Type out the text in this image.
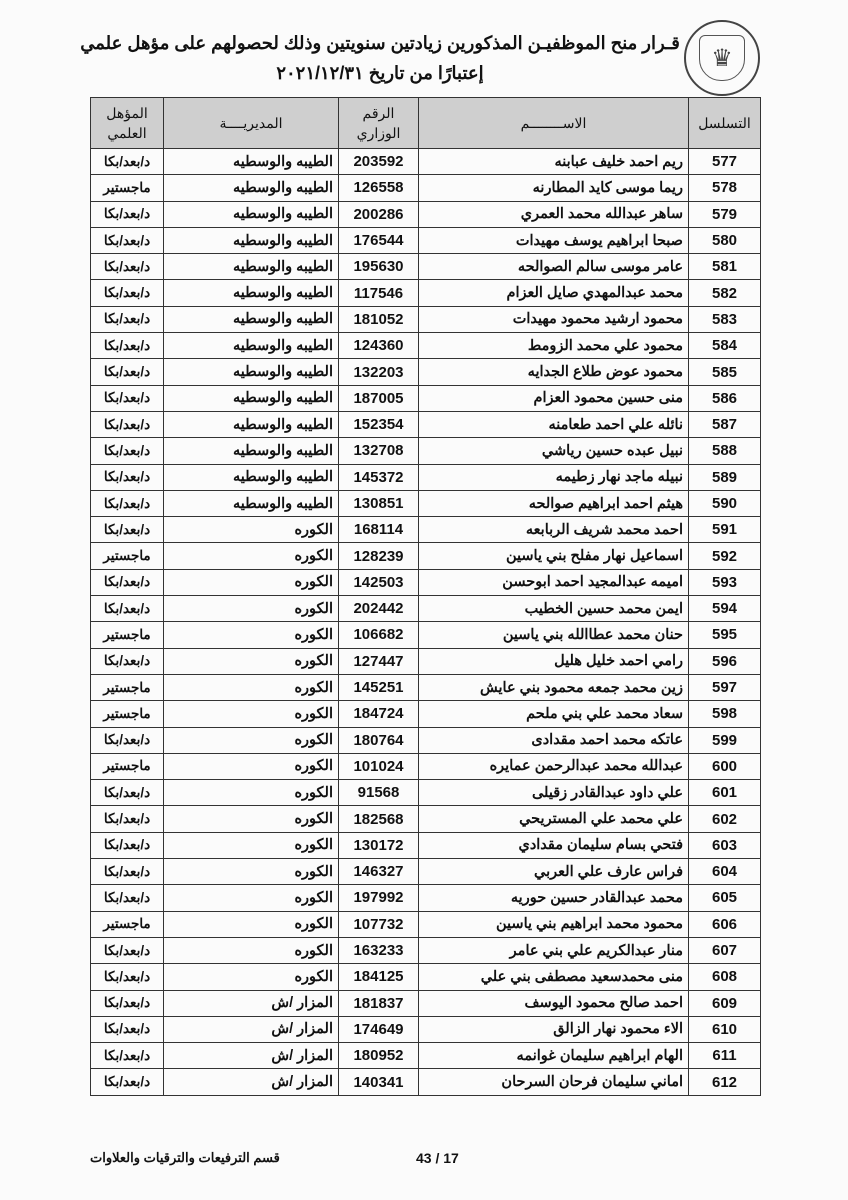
♛
قـرار منح الموظفيـن المذكورين زيادتين سنويتين وذلك لحصولهم على مؤهل علمي
إعتبارًا من تاريخ ٢٠٢١/١٢/٣١
التسلسل	الاســــــــم	الرقم الوزاري	المديريــــة	المؤهل العلمي
577	ريم احمد خليف عبابنه	203592	الطيبه والوسطيه	د/بعد/بكا
578	ريما موسى كايد المطارنه	126558	الطيبه والوسطيه	ماجستير
579	ساهر عبدالله محمد العمري	200286	الطيبه والوسطيه	د/بعد/بكا
580	صبحا ابراهيم يوسف مهيدات	176544	الطيبه والوسطيه	د/بعد/بكا
581	عامر موسى سالم الصوالحه	195630	الطيبه والوسطيه	د/بعد/بكا
582	محمد عبدالمهدي صايل العزام	117546	الطيبه والوسطيه	د/بعد/بكا
583	محمود ارشيد محمود مهيدات	181052	الطيبه والوسطيه	د/بعد/بكا
584	محمود علي محمد الزومط	124360	الطيبه والوسطيه	د/بعد/بكا
585	محمود عوض طلاع الجدايه	132203	الطيبه والوسطيه	د/بعد/بكا
586	منى حسين محمود العزام	187005	الطيبه والوسطيه	د/بعد/بكا
587	نائله علي احمد طعامنه	152354	الطيبه والوسطيه	د/بعد/بكا
588	نبيل عبده حسين رياشي	132708	الطيبه والوسطيه	د/بعد/بكا
589	نبيله ماجد نهار زطيمه	145372	الطيبه والوسطيه	د/بعد/بكا
590	هيثم احمد ابراهيم صوالحه	130851	الطيبه والوسطيه	د/بعد/بكا
591	احمد محمد شريف الربابعه	168114	الكوره	د/بعد/بكا
592	اسماعيل نهار مفلح بني ياسين	128239	الكوره	ماجستير
593	اميمه عبدالمجيد احمد ابوحسن	142503	الكوره	د/بعد/بكا
594	ايمن محمد حسين الخطيب	202442	الكوره	د/بعد/بكا
595	حنان محمد عطاالله بني ياسين	106682	الكوره	ماجستير
596	رامي احمد خليل هليل	127447	الكوره	د/بعد/بكا
597	زين محمد جمعه محمود بني عايش	145251	الكوره	ماجستير
598	سعاد محمد علي بني ملحم	184724	الكوره	ماجستير
599	عاتكه محمد احمد مقدادى	180764	الكوره	د/بعد/بكا
600	عبدالله محمد عبدالرحمن عمايره	101024	الكوره	ماجستير
601	علي داود عبدالقادر زقيلى	91568	الكوره	د/بعد/بكا
602	علي محمد علي المستريحي	182568	الكوره	د/بعد/بكا
603	فتحي بسام سليمان مقدادي	130172	الكوره	د/بعد/بكا
604	فراس عارف علي العربي	146327	الكوره	د/بعد/بكا
605	محمد عبدالقادر حسين حوريه	197992	الكوره	د/بعد/بكا
606	محمود محمد ابراهيم بني ياسين	107732	الكوره	ماجستير
607	منار عبدالكريم علي بني عامر	163233	الكوره	د/بعد/بكا
608	منى محمدسعيد مصطفى بني علي	184125	الكوره	د/بعد/بكا
609	احمد صالح محمود اليوسف	181837	المزار /ش	د/بعد/بكا
610	الاء محمود نهار الزالق	174649	المزار /ش	د/بعد/بكا
611	الهام ابراهيم سليمان غوانمه	180952	المزار /ش	د/بعد/بكا
612	اماني سليمان فرحان السرحان	140341	المزار /ش	د/بعد/بكا
قسم الترفيعات والترقيات والعلاوات	43 / 17
